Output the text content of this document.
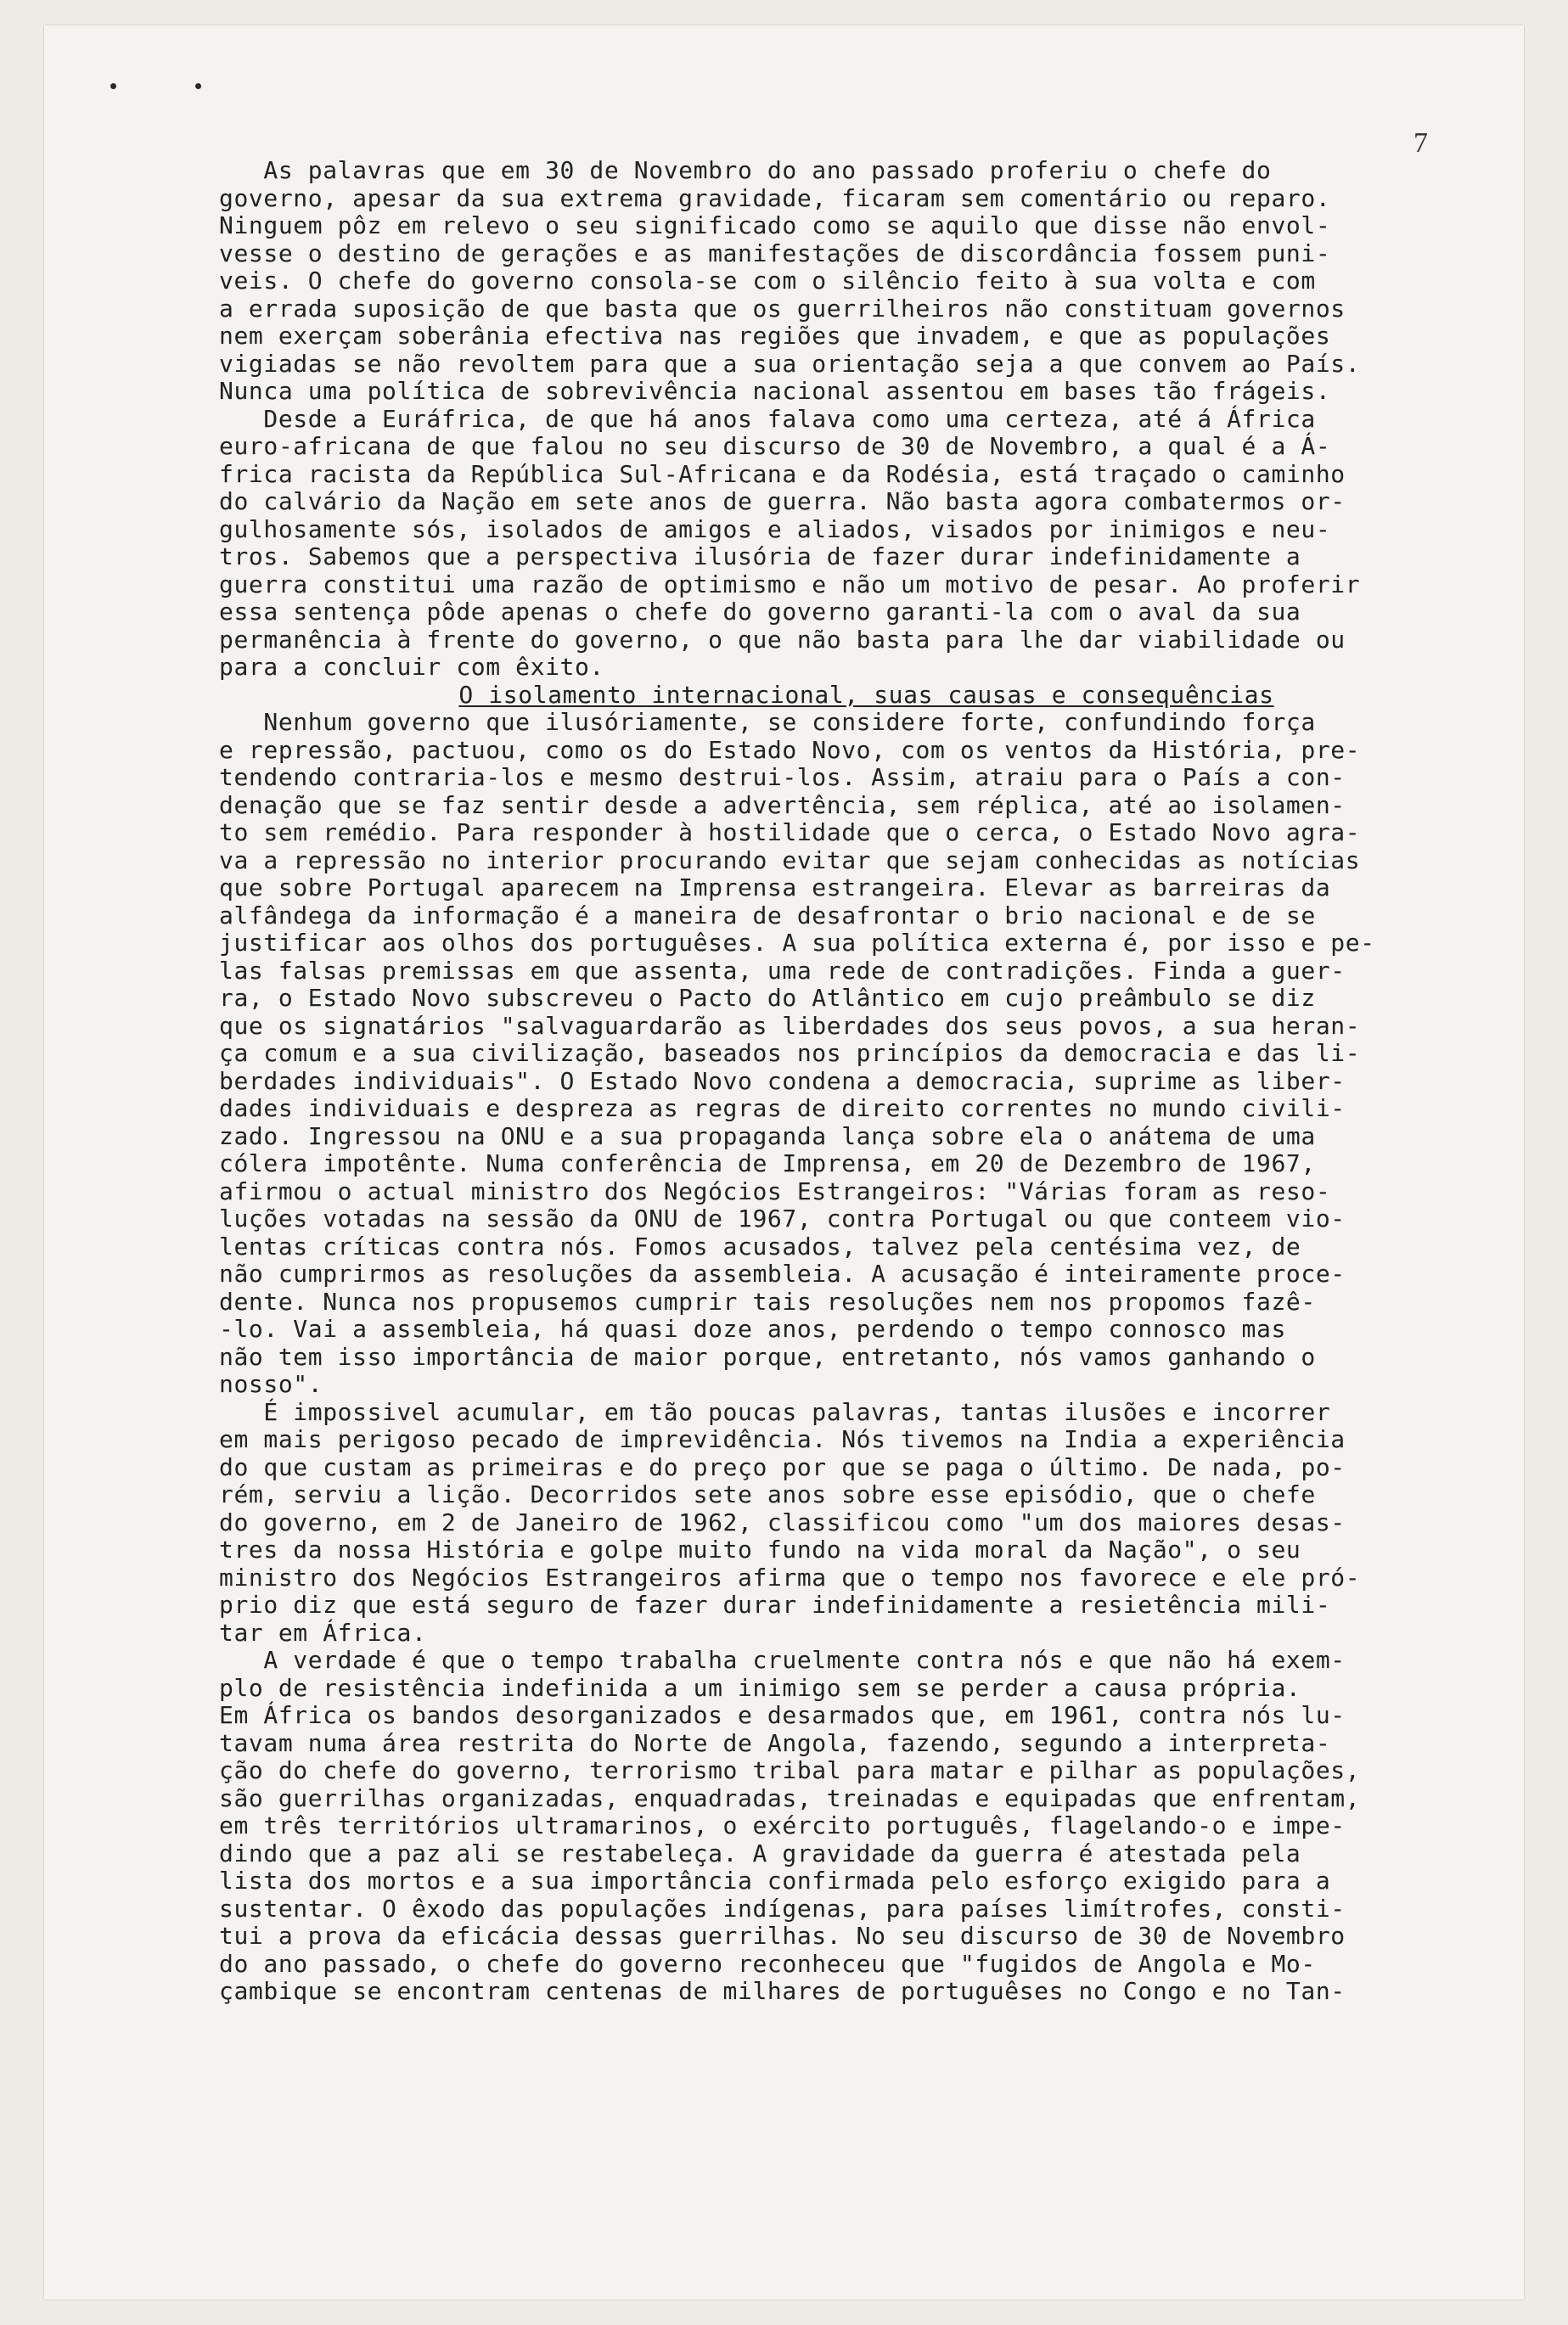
7
As palavras que em 30 de Novembro do ano passado proferiu o chefe do
governo, apesar da sua extrema gravidade, ficaram sem comentário ou reparo.
Ninguem pôz em relevo o seu significado como se aquilo que disse não envol-
vesse o destino de gerações e as manifestações de discordância fossem puni-
veis. O chefe do governo consola-se com o silêncio feito à sua volta e com
a errada suposição de que basta que os guerrilheiros não constituam governos
nem exerçam soberânia efectiva nas regiões que invadem, e que as populações
vigiadas se não revoltem para que a sua orientação seja a que convem ao País.
Nunca uma política de sobrevivência nacional assentou em bases tão frágeis.
Desde a Euráfrica, de que há anos falava como uma certeza, até á África
euro-africana de que falou no seu discurso de 30 de Novembro, a qual é a Á-
frica racista da República Sul-Africana e da Rodésia, está traçado o caminho
do calvário da Nação em sete anos de guerra. Não basta agora combatermos or-
gulhosamente sós, isolados de amigos e aliados, visados por inimigos e neu-
tros. Sabemos que a perspectiva ilusória de fazer durar indefinidamente a
guerra constitui uma razão de optimismo e não um motivo de pesar. Ao proferir
essa sentença pôde apenas o chefe do governo garanti-la com o aval da sua
permanência à frente do governo, o que não basta para lhe dar viabilidade ou
para a concluir com êxito.
O isolamento internacional, suas causas e consequências
Nenhum governo que ilusóriamente, se considere forte, confundindo força
e repressão, pactuou, como os do Estado Novo, com os ventos da História, pre-
tendendo contraria-los e mesmo destrui-los. Assim, atraiu para o País a con-
denação que se faz sentir desde a advertência, sem réplica, até ao isolamen-
to sem remédio. Para responder à hostilidade que o cerca, o Estado Novo agra-
va a repressão no interior procurando evitar que sejam conhecidas as notícias
que sobre Portugal aparecem na Imprensa estrangeira. Elevar as barreiras da
alfândega da informação é a maneira de desafrontar o brio nacional e de se
justificar aos olhos dos portuguêses. A sua política externa é, por isso e pe-
las falsas premissas em que assenta, uma rede de contradições. Finda a guer-
ra, o Estado Novo subscreveu o Pacto do Atlântico em cujo preâmbulo se diz
que os signatários "salvaguardarão as liberdades dos seus povos, a sua heran-
ça comum e a sua civilização, baseados nos princípios da democracia e das li-
berdades individuais". O Estado Novo condena a democracia, suprime as liber-
dades individuais e despreza as regras de direito correntes no mundo civili-
zado. Ingressou na ONU e a sua propaganda lança sobre ela o anátema de uma
cólera impotênte. Numa conferência de Imprensa, em 20 de Dezembro de 1967,
afirmou o actual ministro dos Negócios Estrangeiros: "Várias foram as reso-
luções votadas na sessão da ONU de 1967, contra Portugal ou que conteem vio-
lentas críticas contra nós. Fomos acusados, talvez pela centésima vez, de
não cumprirmos as resoluções da assembleia. A acusação é inteiramente proce-
dente. Nunca nos propusemos cumprir tais resoluções nem nos propomos fazê-
-lo. Vai a assembleia, há quasi doze anos, perdendo o tempo connosco mas
não tem isso importância de maior porque, entretanto, nós vamos ganhando o
nosso".
É impossivel acumular, em tão poucas palavras, tantas ilusões e incorrer
em mais perigoso pecado de imprevidência. Nós tivemos na India a experiência
do que custam as primeiras e do preço por que se paga o último. De nada, po-
rém, serviu a lição. Decorridos sete anos sobre esse episódio, que o chefe
do governo, em 2 de Janeiro de 1962, classificou como "um dos maiores desas-
tres da nossa História e golpe muito fundo na vida moral da Nação", o seu
ministro dos Negócios Estrangeiros afirma que o tempo nos favorece e ele pró-
prio diz que está seguro de fazer durar indefinidamente a resietência mili-
tar em África.
A verdade é que o tempo trabalha cruelmente contra nós e que não há exem-
plo de resistência indefinida a um inimigo sem se perder a causa própria.
Em África os bandos desorganizados e desarmados que, em 1961, contra nós lu-
tavam numa área restrita do Norte de Angola, fazendo, segundo a interpreta-
ção do chefe do governo, terrorismo tribal para matar e pilhar as populações,
são guerrilhas organizadas, enquadradas, treinadas e equipadas que enfrentam,
em três territórios ultramarinos, o exército português, flagelando-o e impe-
dindo que a paz ali se restabeleça. A gravidade da guerra é atestada pela
lista dos mortos e a sua importância confirmada pelo esforço exigido para a
sustentar. O êxodo das populações indígenas, para países limítrofes, consti-
tui a prova da eficácia dessas guerrilhas. No seu discurso de 30 de Novembro
do ano passado, o chefe do governo reconheceu que "fugidos de Angola e Mo-
çambique se encontram centenas de milhares de portuguêses no Congo e no Tan-
